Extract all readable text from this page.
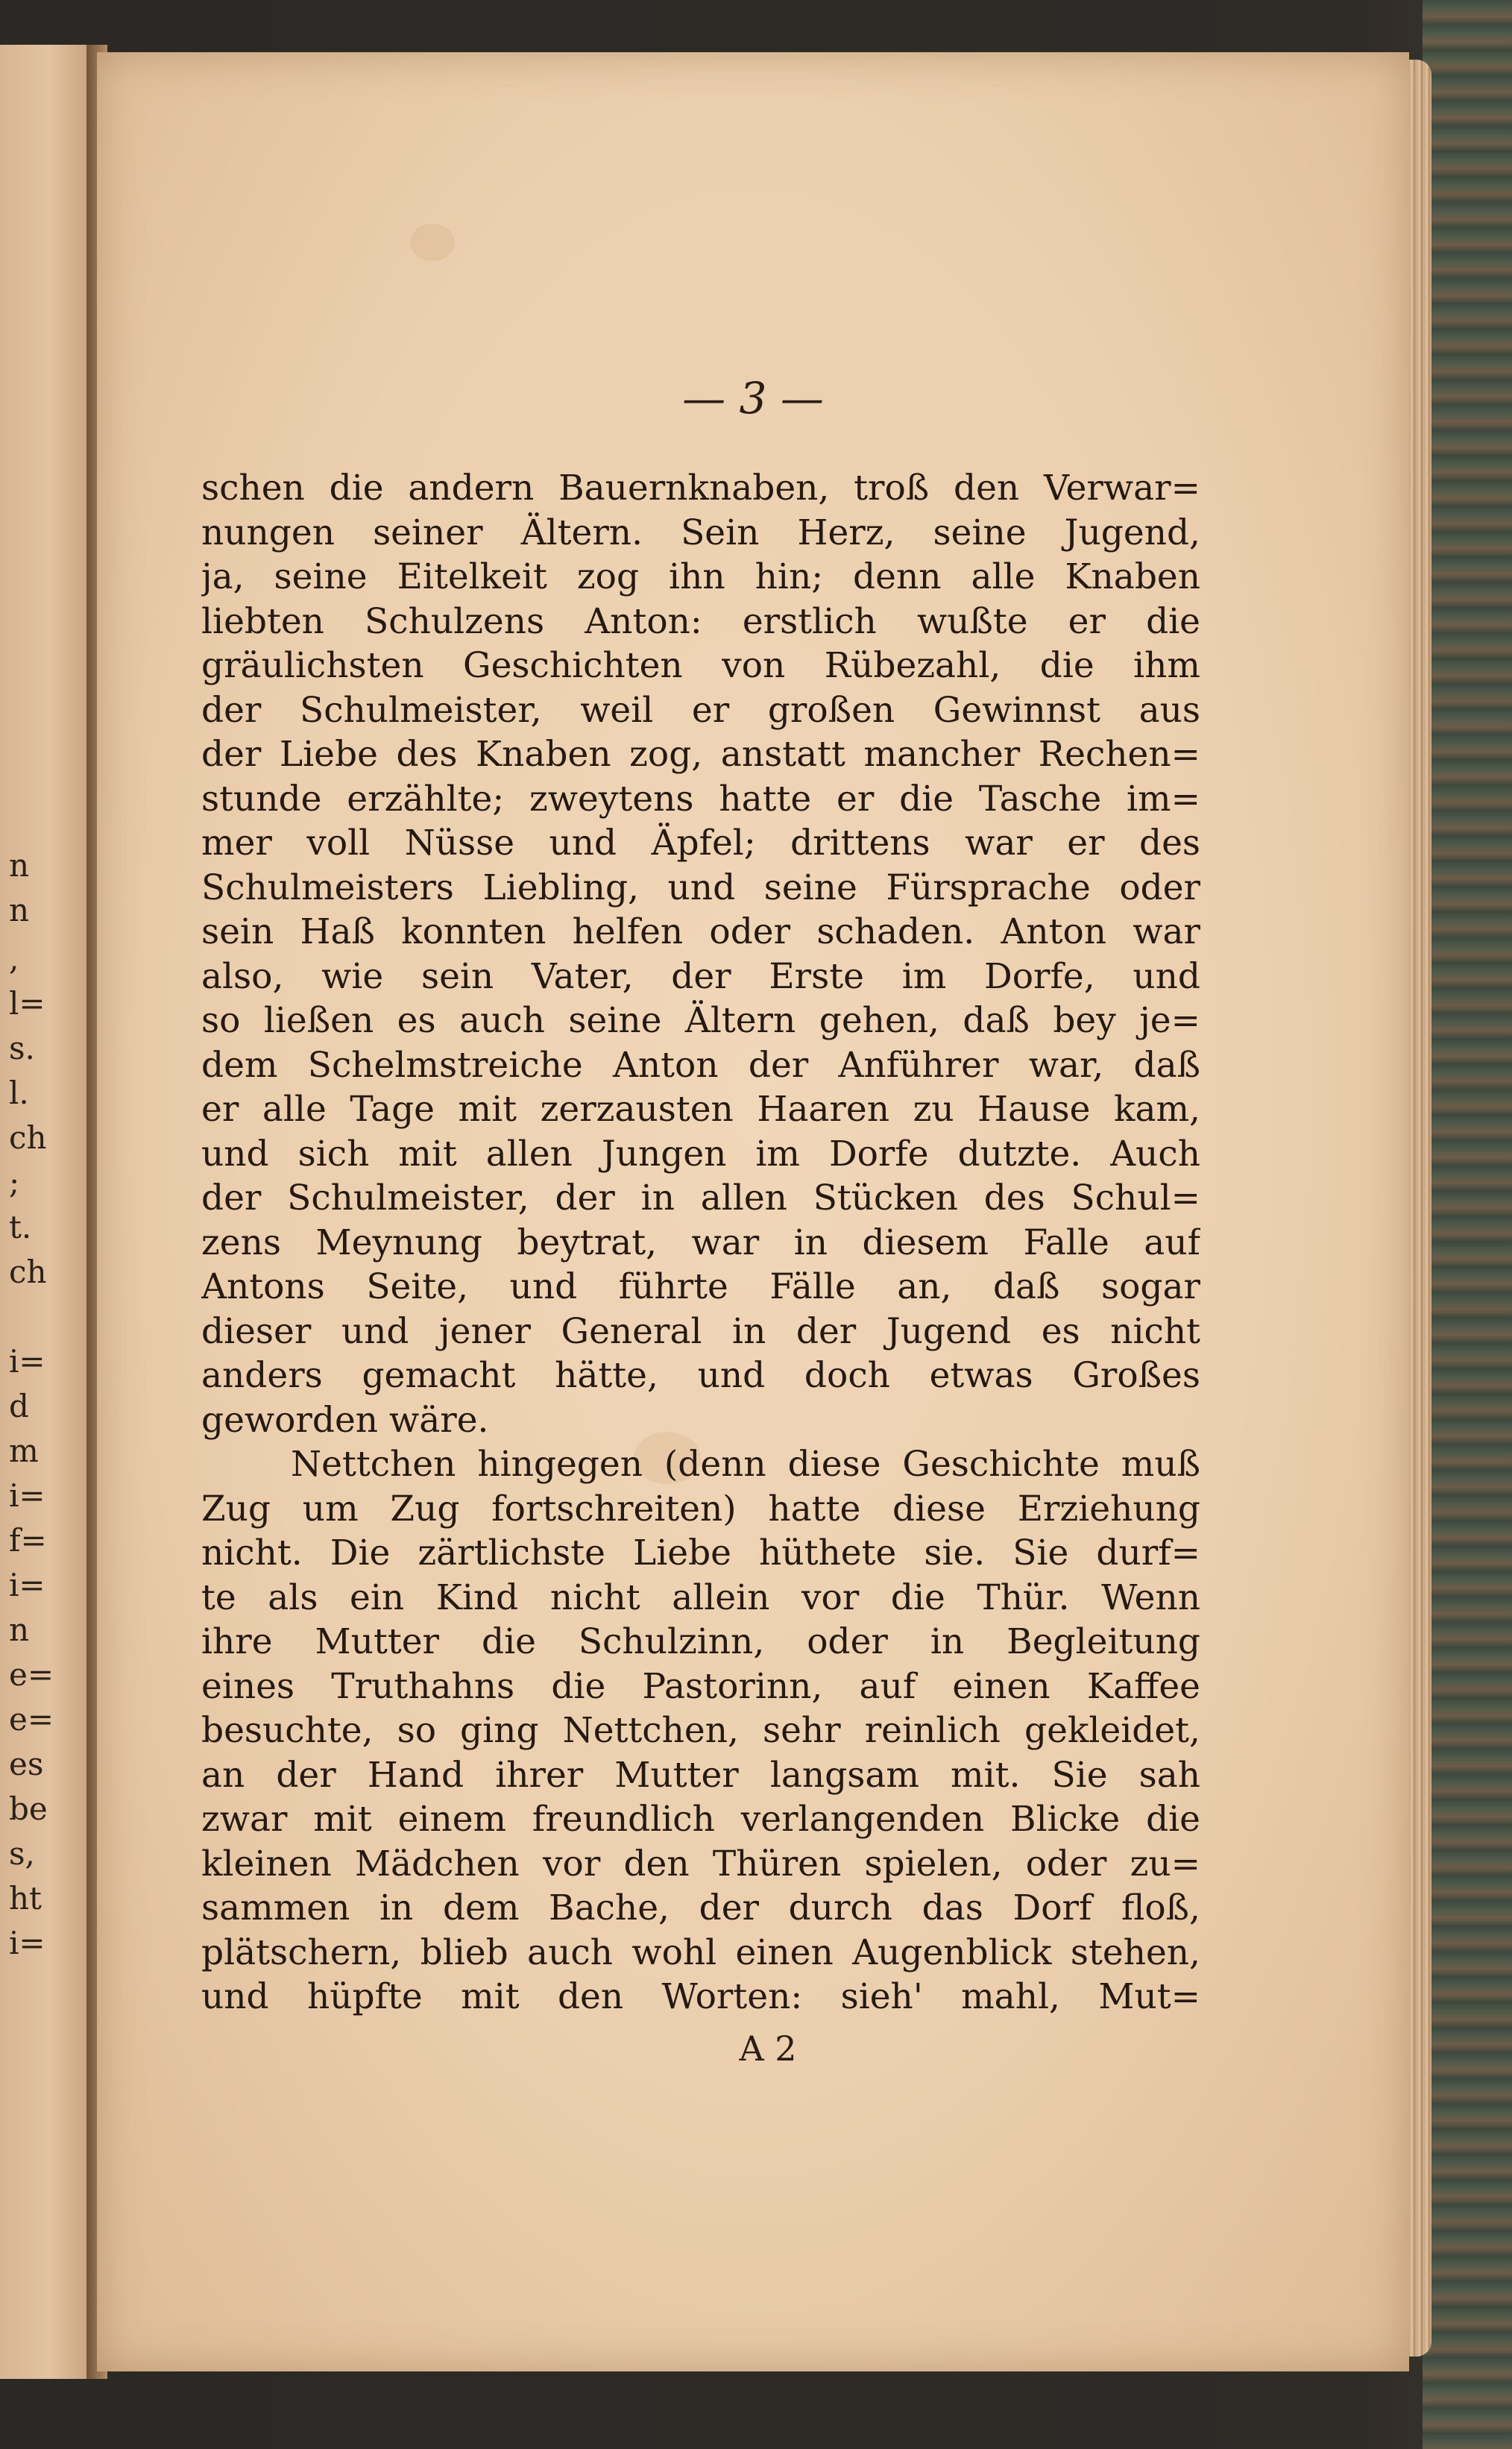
n
n
,
l=
s.
l.
ch
;
t.
ch
i=
d
m
i=
f=
i=
n
e=
e=
es
be
s,
ht
i=
— 3 —
schen die andern Bauernknaben, troß den Verwar=
nungen seiner Ältern. Sein Herz, seine Jugend,
ja, seine Eitelkeit zog ihn hin; denn alle Knaben
liebten Schulzens Anton: erstlich wußte er die
gräulichsten Geschichten von Rübezahl, die ihm
der Schulmeister, weil er großen Gewinnst aus
der Liebe des Knaben zog, anstatt mancher Rechen=
stunde erzählte; zweytens hatte er die Tasche im=
mer voll Nüsse und Äpfel; drittens war er des
Schulmeisters Liebling, und seine Fürsprache oder
sein Haß konnten helfen oder schaden. Anton war
also, wie sein Vater, der Erste im Dorfe, und
so ließen es auch seine Ältern gehen, daß bey je=
dem Schelmstreiche Anton der Anführer war, daß
er alle Tage mit zerzausten Haaren zu Hause kam,
und sich mit allen Jungen im Dorfe dutzte. Auch
der Schulmeister, der in allen Stücken des Schul=
zens Meynung beytrat, war in diesem Falle auf
Antons Seite, und führte Fälle an, daß sogar
dieser und jener General in der Jugend es nicht
anders gemacht hätte, und doch etwas Großes
geworden wäre.
Nettchen hingegen (denn diese Geschichte muß
Zug um Zug fortschreiten) hatte diese Erziehung
nicht. Die zärtlichste Liebe hüthete sie. Sie durf=
te als ein Kind nicht allein vor die Thür. Wenn
ihre Mutter die Schulzinn, oder in Begleitung
eines Truthahns die Pastorinn, auf einen Kaffee
besuchte, so ging Nettchen, sehr reinlich gekleidet,
an der Hand ihrer Mutter langsam mit. Sie sah
zwar mit einem freundlich verlangenden Blicke die
kleinen Mädchen vor den Thüren spielen, oder zu=
sammen in dem Bache, der durch das Dorf floß,
plätschern, blieb auch wohl einen Augenblick stehen,
und hüpfte mit den Worten: sieh' mahl, Mut=
A 2
